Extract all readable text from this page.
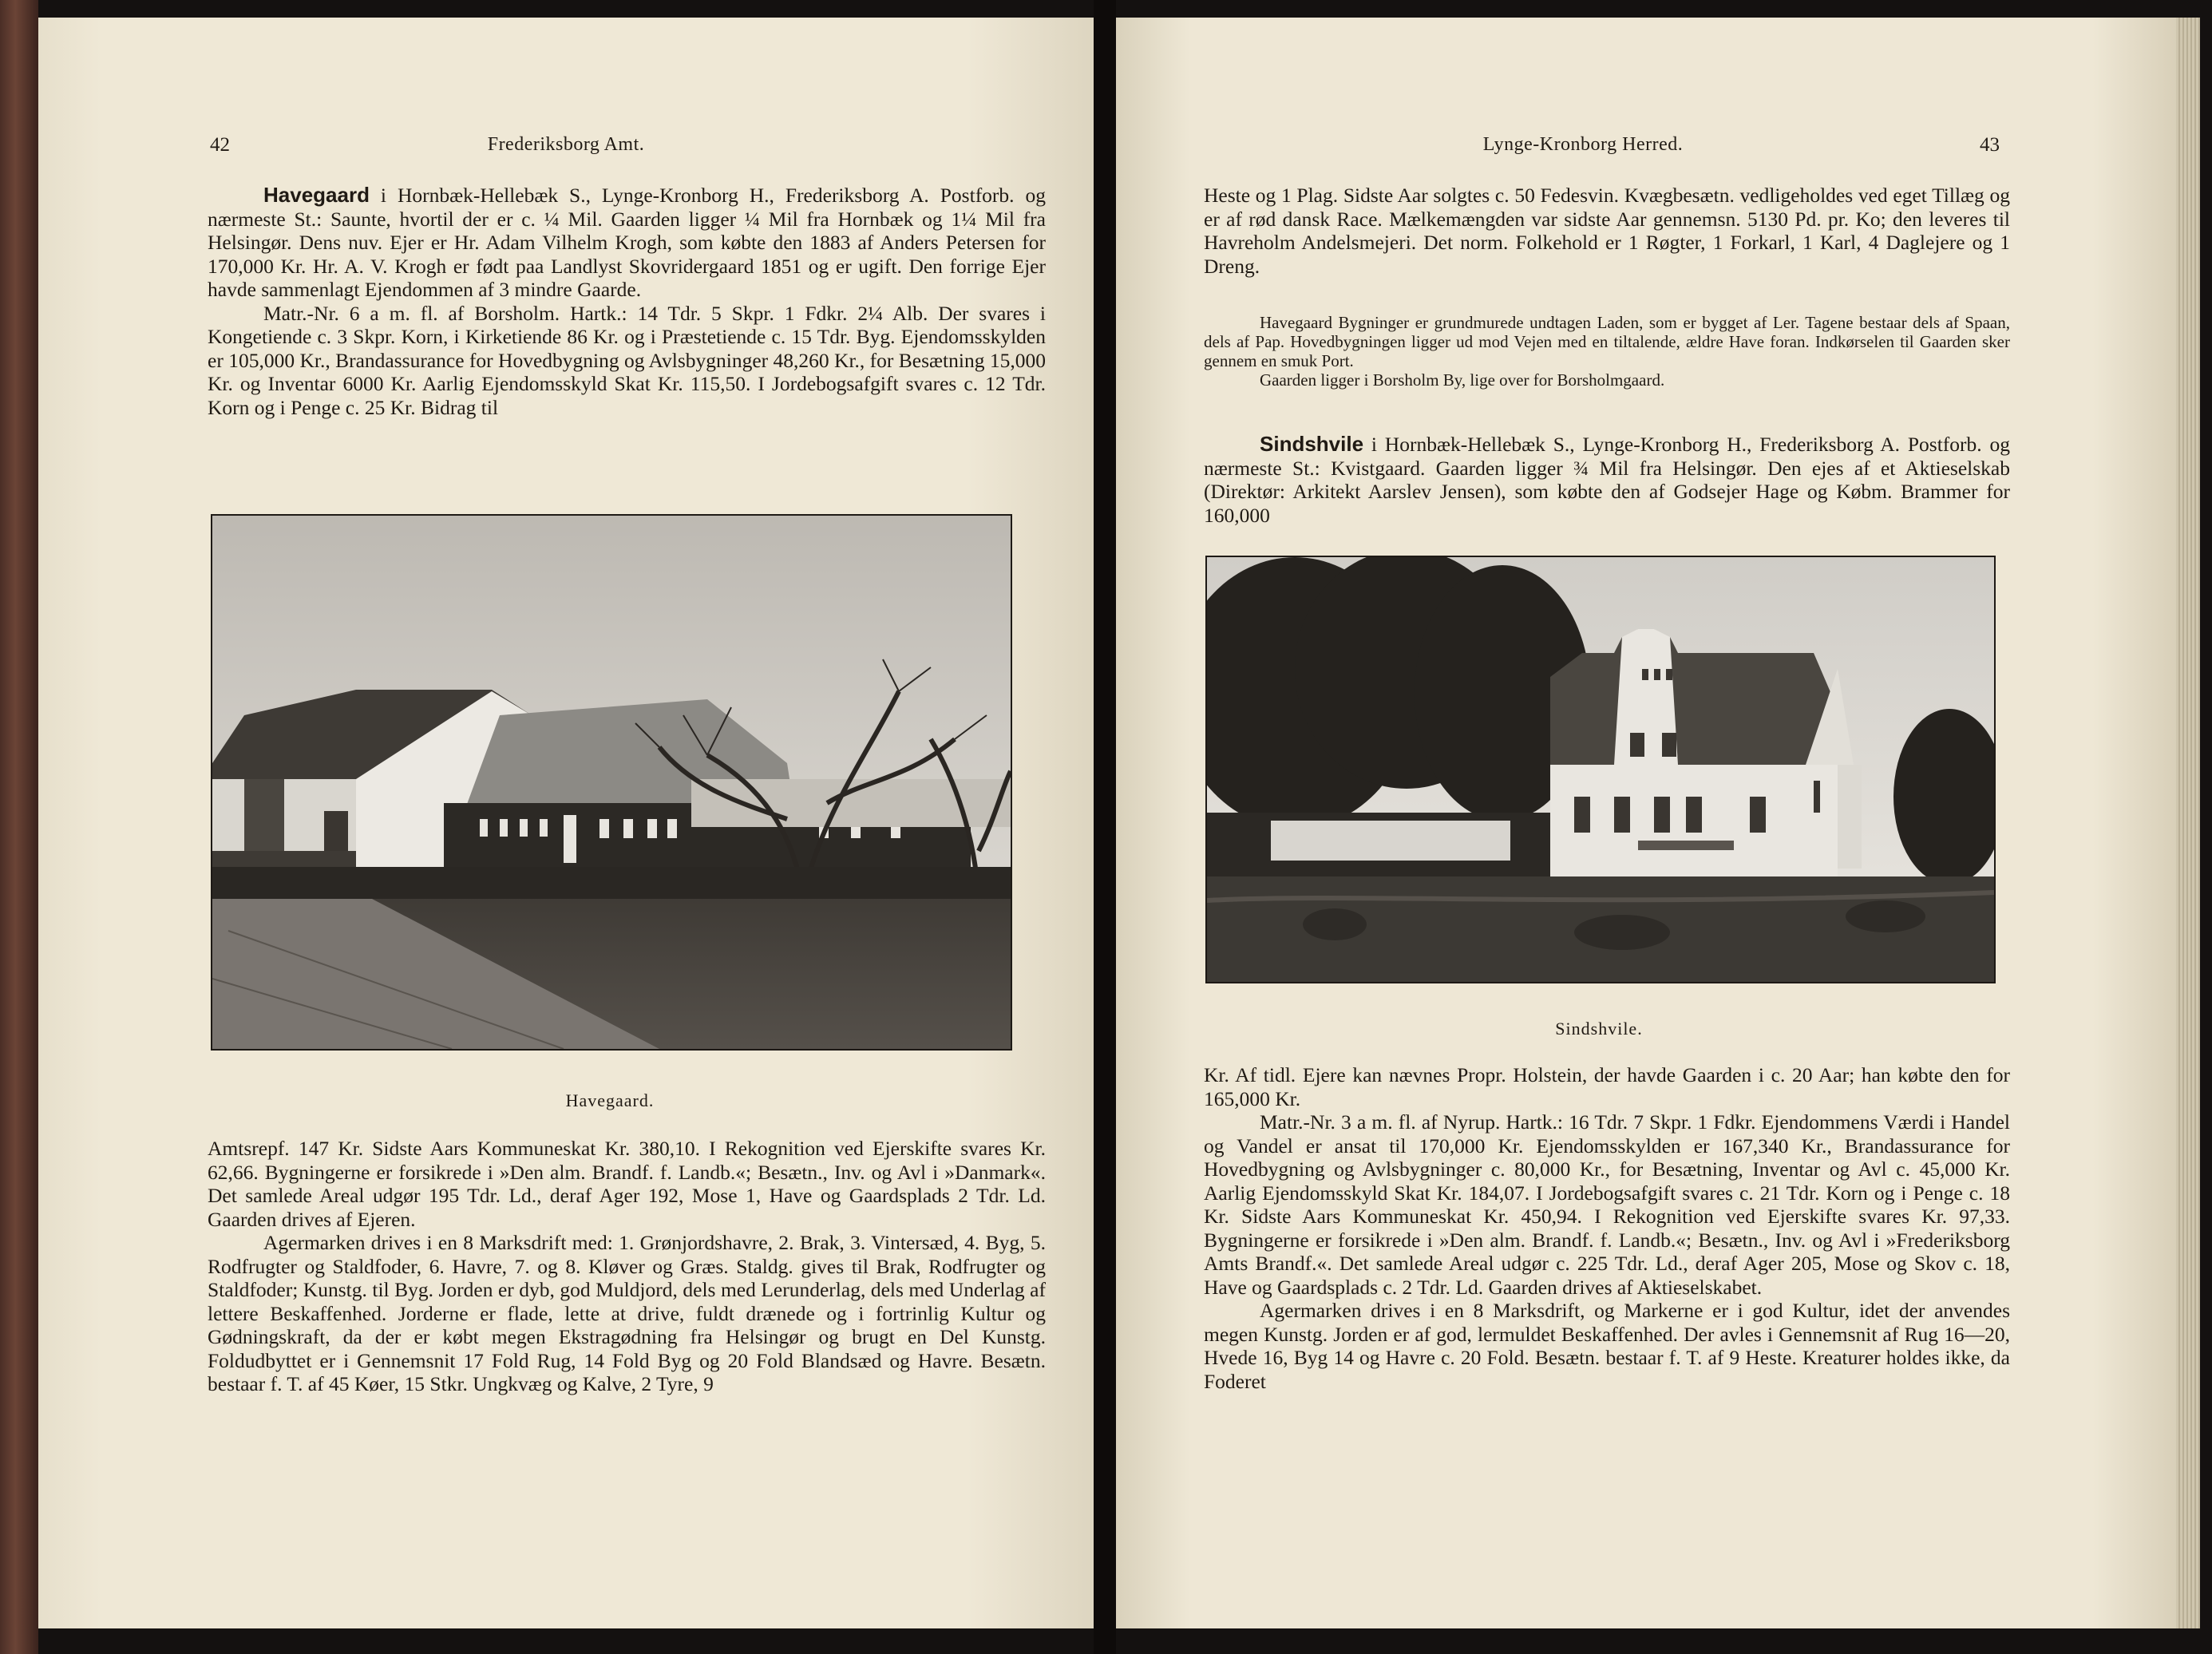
42	Frederiksborg Amt.

Havegaard i Hornbæk-Hellebæk S., Lynge-Kronborg H., Frederiksborg A. Postforb. og nærmeste St.: Saunte, hvortil der er c. ¼ Mil. Gaarden ligger ¼ Mil fra Hornbæk og 1¼ Mil fra Helsingør. Dens nuv. Ejer er Hr. Adam Vilhelm Krogh, som købte den 1883 af Anders Petersen for 170,000 Kr. Hr. A. V. Krogh er født paa Landlyst Skovridergaard 1851 og er ugift. Den forrige Ejer havde sammenlagt Ejendommen af 3 mindre Gaarde.

Matr.-Nr. 6 a m. fl. af Borsholm. Hartk.: 14 Tdr. 5 Skpr. 1 Fdkr. 2¼ Alb. Der svares i Kongetiende c. 3 Skpr. Korn, i Kirketiende 86 Kr. og i Præstetiende c. 15 Tdr. Byg. Ejendomsskylden er 105,000 Kr., Brandassurance for Hovedbygning og Avlsbygninger 48,260 Kr., for Besætning 15,000 Kr. og Inventar 6000 Kr. Aarlig Ejendomsskyld Skat Kr. 115,50. I Jordebogsafgift svares c. 12 Tdr. Korn og i Penge c. 25 Kr. Bidrag til

Havegaard.

Amtsrepf. 147 Kr. Sidste Aars Kommuneskat Kr. 380,10. I Rekognition ved Ejerskifte svares Kr. 62,66. Bygningerne er forsikrede i »Den alm. Brandf. f. Landb.«; Besætn., Inv. og Avl i »Danmark«. Det samlede Areal udgør 195 Tdr. Ld., deraf Ager 192, Mose 1, Have og Gaardsplads 2 Tdr. Ld. Gaarden drives af Ejeren.

Agermarken drives i en 8 Marksdrift med: 1. Grønjordshavre, 2. Brak, 3. Vintersæd, 4. Byg, 5. Rodfrugter og Staldfoder, 6. Havre, 7. og 8. Kløver og Græs. Staldg. gives til Brak, Rodfrugter og Staldfoder; Kunstg. til Byg. Jorden er dyb, god Muldjord, dels med Lerunderlag, dels med Underlag af lettere Beskaffenhed. Jorderne er flade, lette at drive, fuldt drænede og i fortrinlig Kultur og Gødningskraft, da der er købt megen Ekstragødning fra Helsingør og brugt en Del Kunstg. Foldudbyttet er i Gennemsnit 17 Fold Rug, 14 Fold Byg og 20 Fold Blandsæd og Havre. Besætn. bestaar f. T. af 45 Køer, 15 Stkr. Ungkvæg og Kalve, 2 Tyre, 9

Lynge-Kronborg Herred.	43

Heste og 1 Plag. Sidste Aar solgtes c. 50 Fedesvin. Kvægbesætn. vedligeholdes ved eget Tillæg og er af rød dansk Race. Mælkemængden var sidste Aar gennemsn. 5130 Pd. pr. Ko; den leveres til Havreholm Andelsmejeri. Det norm. Folkehold er 1 Røgter, 1 Forkarl, 1 Karl, 4 Daglejere og 1 Dreng.

Havegaard Bygninger er grundmurede undtagen Laden, som er bygget af Ler. Tagene bestaar dels af Spaan, dels af Pap. Hovedbygningen ligger ud mod Vejen med en tiltalende, ældre Have foran. Indkørselen til Gaarden sker gennem en smuk Port.

Gaarden ligger i Borsholm By, lige over for Borsholmgaard.

Sindshvile i Hornbæk-Hellebæk S., Lynge-Kronborg H., Frederiksborg A. Postforb. og nærmeste St.: Kvistgaard. Gaarden ligger ¾ Mil fra Helsingør. Den ejes af et Aktieselskab (Direktør: Arkitekt Aarslev Jensen), som købte den af Godsejer Hage og Købm. Brammer for 160,000

Sindshvile.

Kr. Af tidl. Ejere kan nævnes Propr. Holstein, der havde Gaarden i c. 20 Aar; han købte den for 165,000 Kr.

Matr.-Nr. 3 a m. fl. af Nyrup. Hartk.: 16 Tdr. 7 Skpr. 1 Fdkr. Ejendommens Værdi i Handel og Vandel er ansat til 170,000 Kr. Ejendomsskylden er 167,340 Kr., Brandassurance for Hovedbygning og Avlsbygninger c. 80,000 Kr., for Besætning, Inventar og Avl c. 45,000 Kr. Aarlig Ejendomsskyld Skat Kr. 184,07. I Jordebogsafgift svares c. 21 Tdr. Korn og i Penge c. 18 Kr. Sidste Aars Kommuneskat Kr. 450,94. I Rekognition ved Ejerskifte svares Kr. 97,33. Bygningerne er forsikrede i »Den alm. Brandf. f. Landb.«; Besætn., Inv. og Avl i »Frederiksborg Amts Brandf.«. Det samlede Areal udgør c. 225 Tdr. Ld., deraf Ager 205, Mose og Skov c. 18, Have og Gaardsplads c. 2 Tdr. Ld. Gaarden drives af Aktieselskabet.

Agermarken drives i en 8 Marksdrift, og Markerne er i god Kultur, idet der anvendes megen Kunstg. Jorden er af god, lermuldet Beskaffenhed. Der avles i Gennemsnit af Rug 16—20, Hvede 16, Byg 14 og Havre c. 20 Fold. Besætn. bestaar f. T. af 9 Heste. Kreaturer holdes ikke, da Foderet
